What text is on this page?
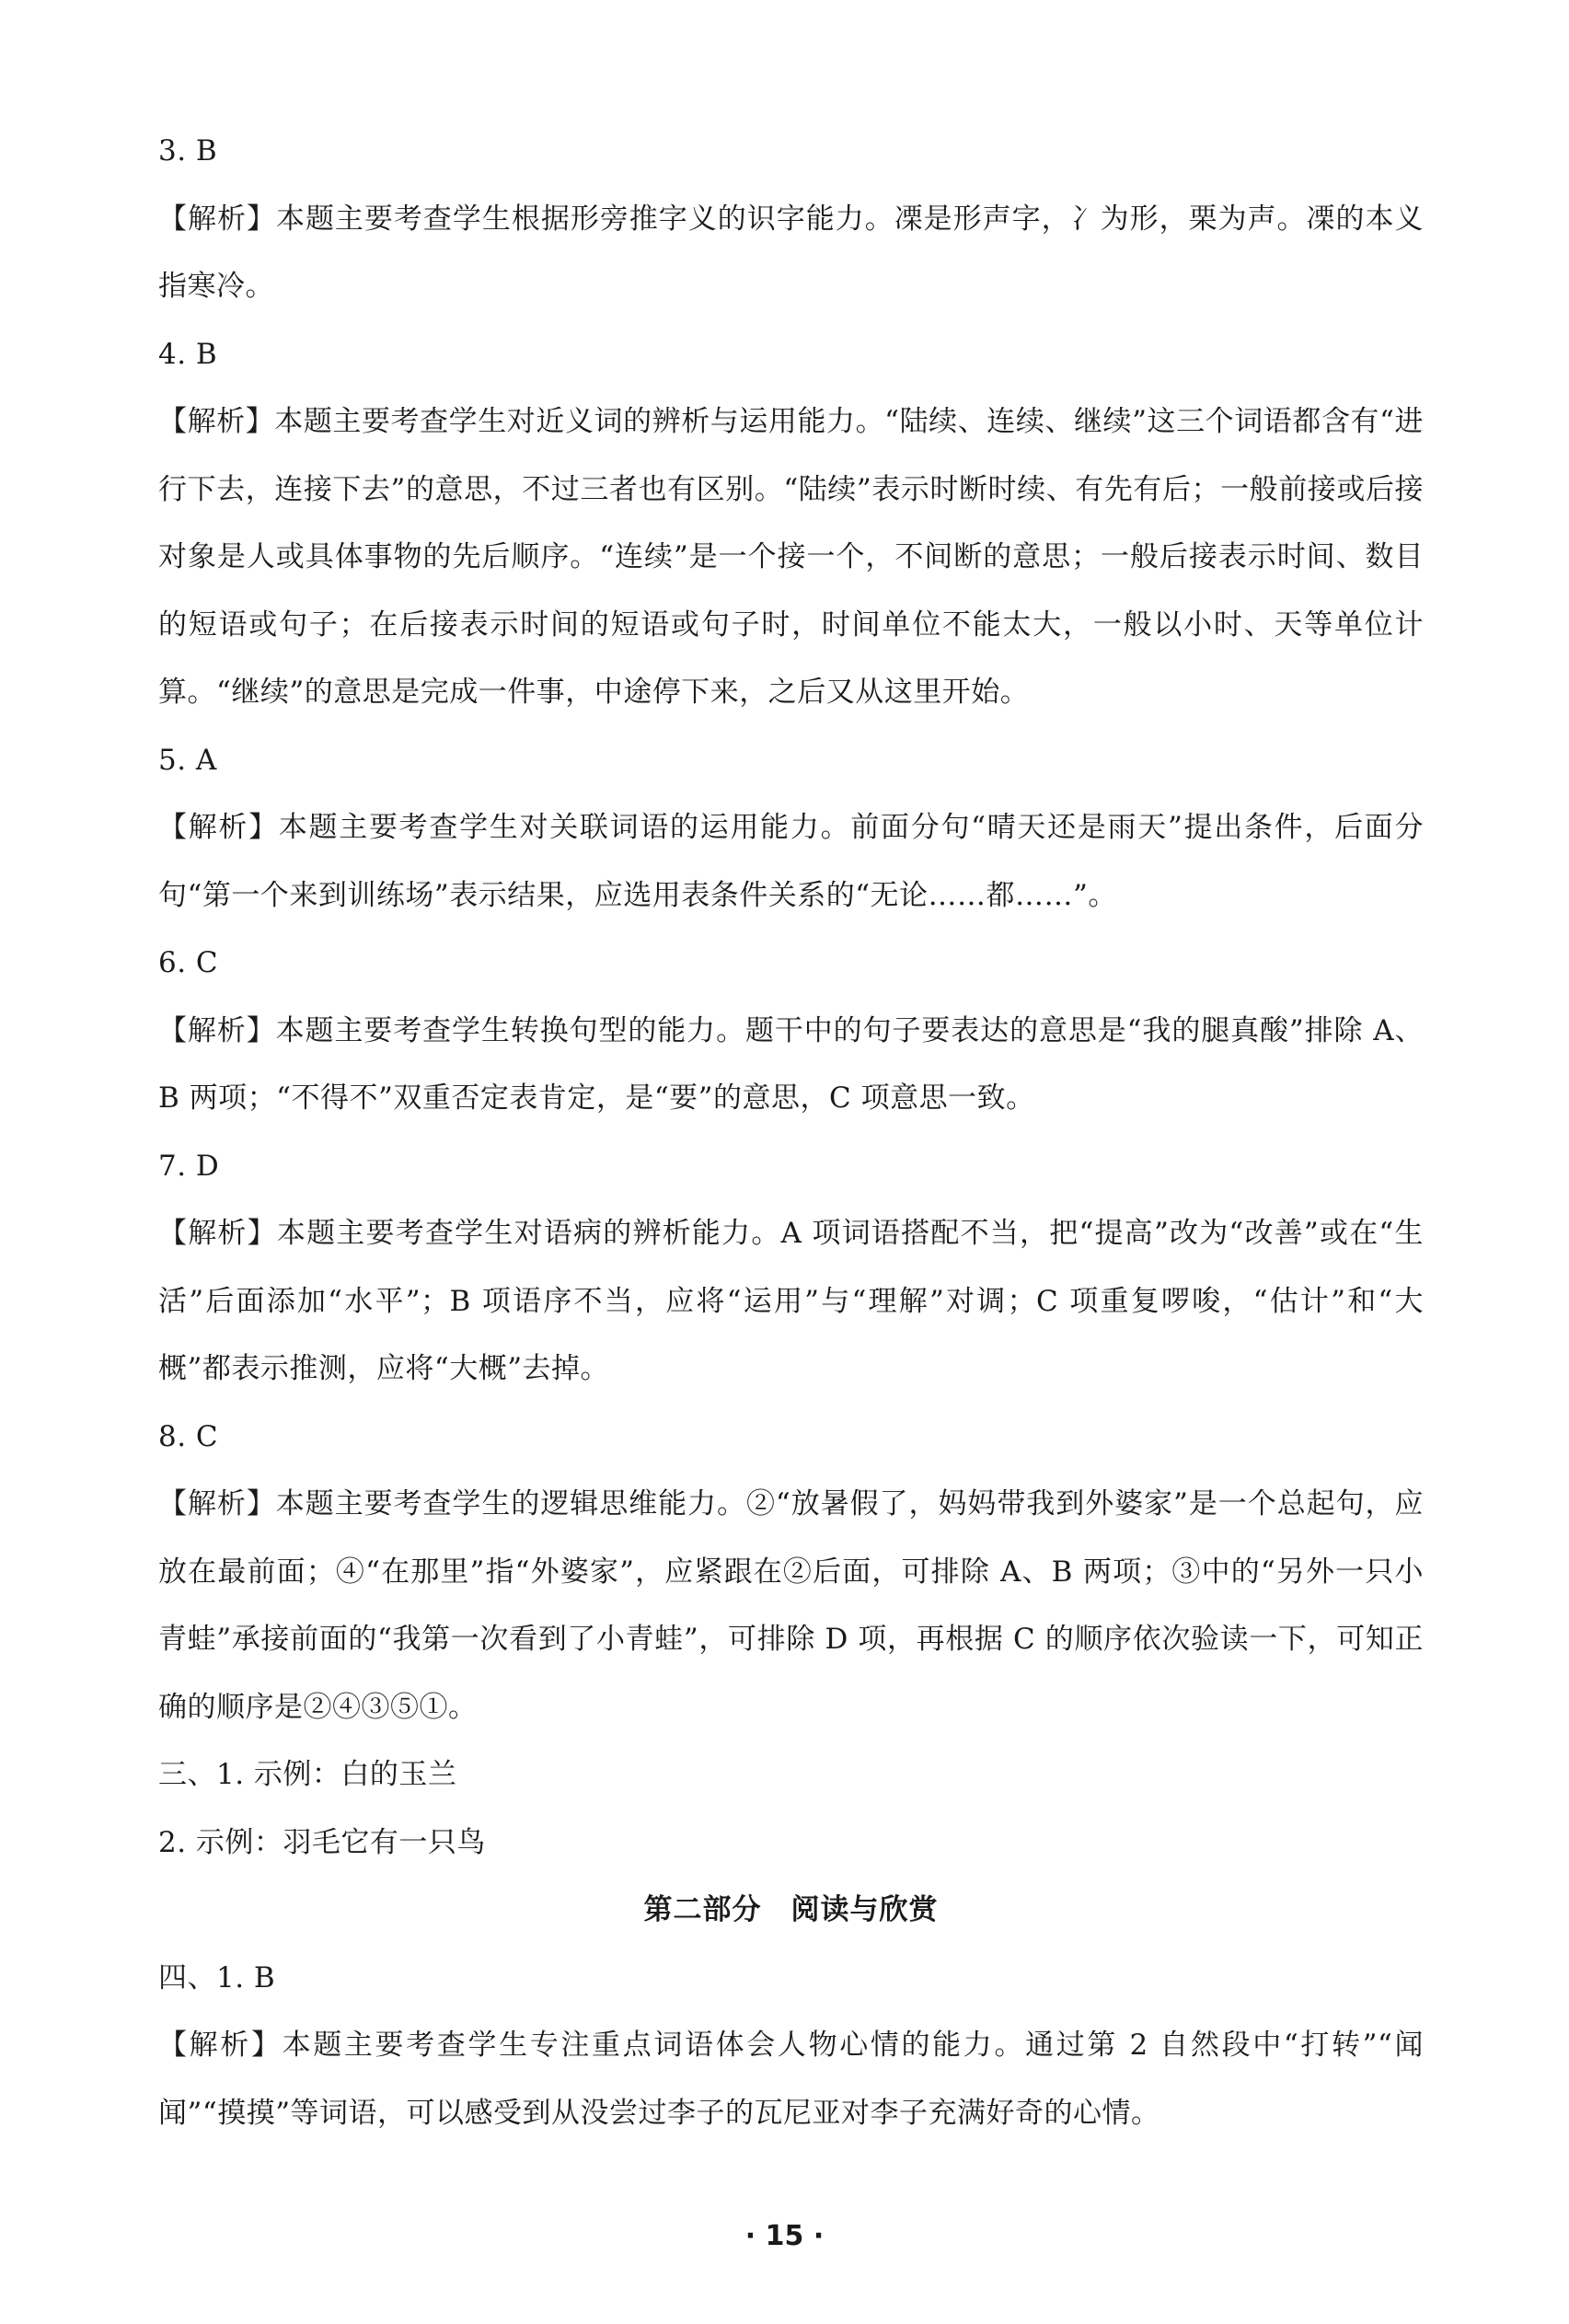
3. B
【解析】本题主要考查学生根据形旁推字义的识字能力。凓是形声字，冫为形，栗为声。凓的本义指寒冷。
4. B
【解析】本题主要考查学生对近义词的辨析与运用能力。“陆续、连续、继续”这三个词语都含有“进行下去，连接下去”的意思，不过三者也有区别。“陆续”表示时断时续、有先有后；一般前接或后接对象是人或具体事物的先后顺序。“连续”是一个接一个，不间断的意思；一般后接表示时间、数目的短语或句子；在后接表示时间的短语或句子时，时间单位不能太大，一般以小时、天等单位计算。“继续”的意思是完成一件事，中途停下来，之后又从这里开始。
5. A
【解析】本题主要考查学生对关联词语的运用能力。前面分句“晴天还是雨天”提出条件，后面分句“第一个来到训练场”表示结果，应选用表条件关系的“无论……都……”。
6. C
【解析】本题主要考查学生转换句型的能力。题干中的句子要表达的意思是“我的腿真酸”排除 A、B 两项；“不得不”双重否定表肯定，是“要”的意思，C 项意思一致。
7. D
【解析】本题主要考查学生对语病的辨析能力。A 项词语搭配不当，把“提高”改为“改善”或在“生活”后面添加“水平”；B 项语序不当，应将“运用”与“理解”对调；C 项重复啰唆，“估计”和“大概”都表示推测，应将“大概”去掉。
8. C
【解析】本题主要考查学生的逻辑思维能力。②“放暑假了，妈妈带我到外婆家”是一个总起句，应放在最前面；④“在那里”指“外婆家”，应紧跟在②后面，可排除 A、B 两项；③中的“另外一只小青蛙”承接前面的“我第一次看到了小青蛙”，可排除 D 项，再根据 C 的顺序依次验读一下，可知正确的顺序是②④③⑤①。
三、1. 示例：白的玉兰
2. 示例：羽毛它有一只鸟
第二部分　阅读与欣赏
四、1. B
【解析】本题主要考查学生专注重点词语体会人物心情的能力。通过第 2 自然段中“打转”“闻闻”“摸摸”等词语，可以感受到从没尝过李子的瓦尼亚对李子充满好奇的心情。
· 15 ·
